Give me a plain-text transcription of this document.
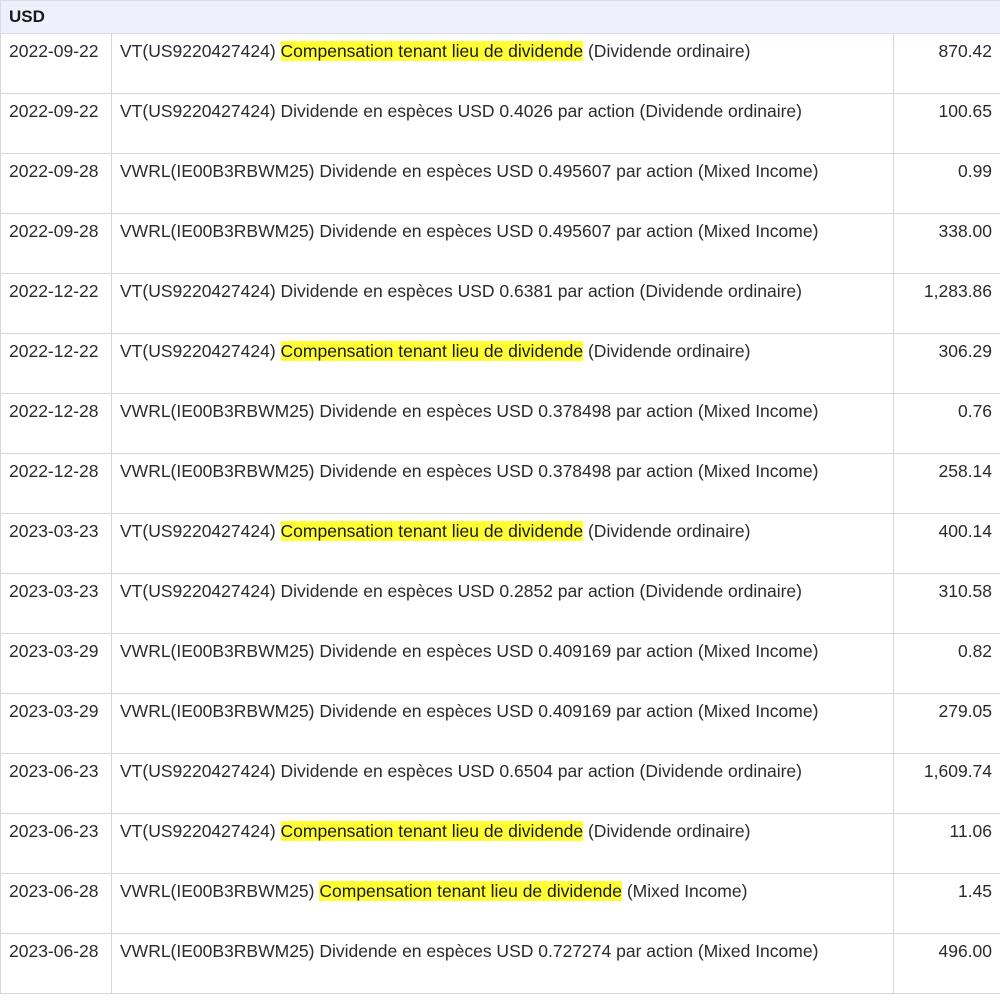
USD		
2022-09-22	VT(US9220427424) Compensation tenant lieu de dividende (Dividende ordinaire)	870.42
2022-09-22	VT(US9220427424) Dividende en espèces USD 0.4026 par action (Dividende ordinaire)	100.65
2022-09-28	VWRL(IE00B3RBWM25) Dividende en espèces USD 0.495607 par action (Mixed Income)	0.99
2022-09-28	VWRL(IE00B3RBWM25) Dividende en espèces USD 0.495607 par action (Mixed Income)	338.00
2022-12-22	VT(US9220427424) Dividende en espèces USD 0.6381 par action (Dividende ordinaire)	1,283.86
2022-12-22	VT(US9220427424) Compensation tenant lieu de dividende (Dividende ordinaire)	306.29
2022-12-28	VWRL(IE00B3RBWM25) Dividende en espèces USD 0.378498 par action (Mixed Income)	0.76
2022-12-28	VWRL(IE00B3RBWM25) Dividende en espèces USD 0.378498 par action (Mixed Income)	258.14
2023-03-23	VT(US9220427424) Compensation tenant lieu de dividende (Dividende ordinaire)	400.14
2023-03-23	VT(US9220427424) Dividende en espèces USD 0.2852 par action (Dividende ordinaire)	310.58
2023-03-29	VWRL(IE00B3RBWM25) Dividende en espèces USD 0.409169 par action (Mixed Income)	0.82
2023-03-29	VWRL(IE00B3RBWM25) Dividende en espèces USD 0.409169 par action (Mixed Income)	279.05
2023-06-23	VT(US9220427424) Dividende en espèces USD 0.6504 par action (Dividende ordinaire)	1,609.74
2023-06-23	VT(US9220427424) Compensation tenant lieu de dividende (Dividende ordinaire)	11.06
2023-06-28	VWRL(IE00B3RBWM25) Compensation tenant lieu de dividende (Mixed Income)	1.45
2023-06-28	VWRL(IE00B3RBWM25) Dividende en espèces USD 0.727274 par action (Mixed Income)	496.00
